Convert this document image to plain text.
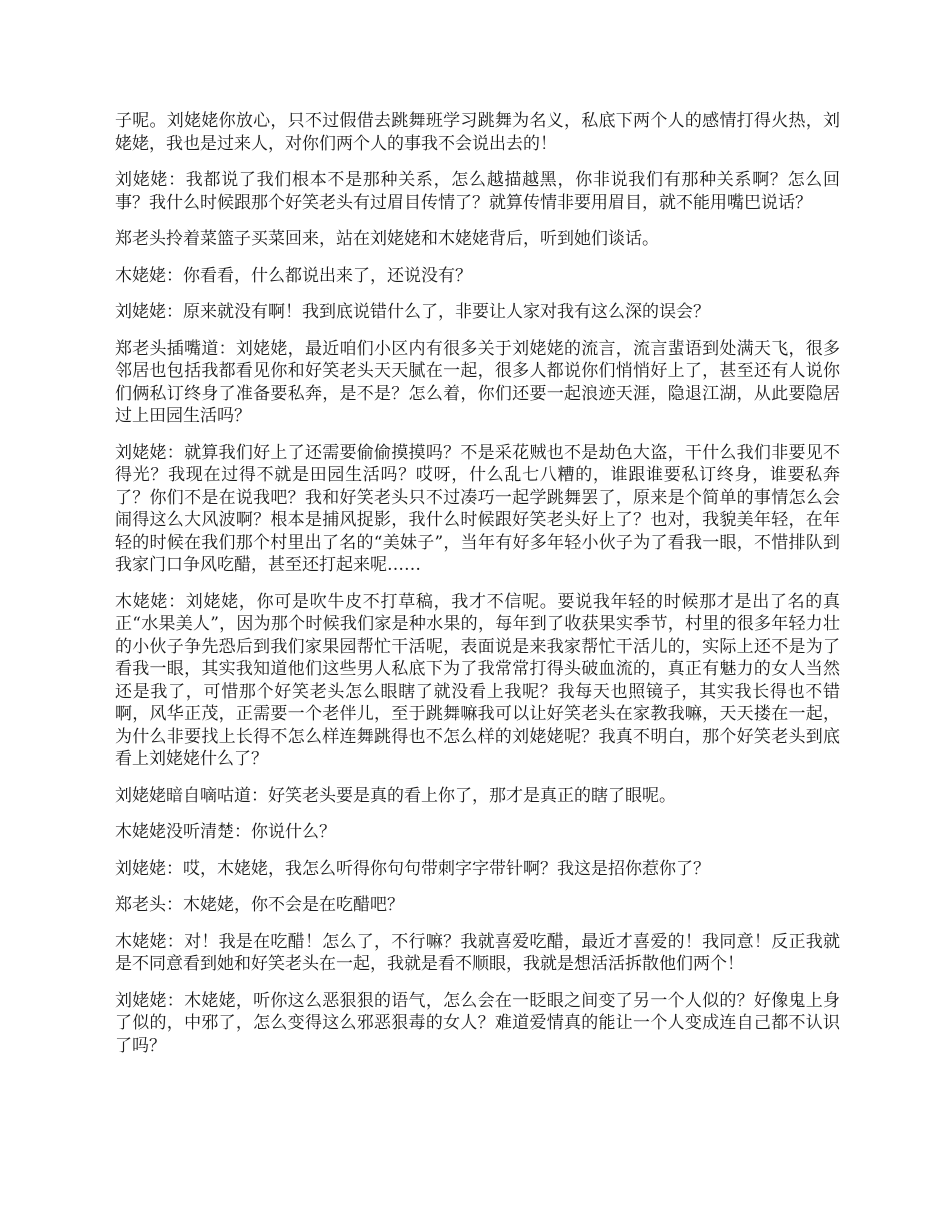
子呢。刘姥姥你放心，只不过假借去跳舞班学习跳舞为名义，私底下两个人的感情打得火热，刘姥姥，我也是过来人，对你们两个人的事我不会说出去的！

刘姥姥：我都说了我们根本不是那种关系，怎么越描越黑，你非说我们有那种关系啊？怎么回事？我什么时候跟那个好笑老头有过眉目传情了？就算传情非要用眉目，就不能用嘴巴说话？

郑老头拎着菜篮子买菜回来，站在刘姥姥和木姥姥背后，听到她们谈话。

木姥姥：你看看，什么都说出来了，还说没有？

刘姥姥：原来就没有啊！我到底说错什么了，非要让人家对我有这么深的误会？

郑老头插嘴道：刘姥姥，最近咱们小区内有很多关于刘姥姥的流言，流言蜚语到处满天飞，很多邻居也包括我都看见你和好笑老头天天腻在一起，很多人都说你们悄悄好上了，甚至还有人说你们俩私订终身了准备要私奔，是不是？怎么着，你们还要一起浪迹天涯，隐退江湖，从此要隐居过上田园生活吗？

刘姥姥：就算我们好上了还需要偷偷摸摸吗？不是采花贼也不是劫色大盗，干什么我们非要见不得光？我现在过得不就是田园生活吗？哎呀，什么乱七八糟的，谁跟谁要私订终身，谁要私奔了？你们不是在说我吧？我和好笑老头只不过凑巧一起学跳舞罢了，原来是个简单的事情怎么会闹得这么大风波啊？根本是捕风捉影，我什么时候跟好笑老头好上了？也对，我貌美年轻，在年轻的时候在我们那个村里出了名的“美妹子”，当年有好多年轻小伙子为了看我一眼，不惜排队到我家门口争风吃醋，甚至还打起来呢……

木姥姥：刘姥姥，你可是吹牛皮不打草稿，我才不信呢。要说我年轻的时候那才是出了名的真正“水果美人”，因为那个时候我们家是种水果的，每年到了收获果实季节，村里的很多年轻力壮的小伙子争先恐后到我们家果园帮忙干活呢，表面说是来我家帮忙干活儿的，实际上还不是为了看我一眼，其实我知道他们这些男人私底下为了我常常打得头破血流的，真正有魅力的女人当然还是我了，可惜那个好笑老头怎么眼瞎了就没看上我呢？我每天也照镜子，其实我长得也不错啊，风华正茂，正需要一个老伴儿，至于跳舞嘛我可以让好笑老头在家教我嘛，天天搂在一起，为什么非要找上长得不怎么样连舞跳得也不怎么样的刘姥姥呢？我真不明白，那个好笑老头到底看上刘姥姥什么了？

刘姥姥暗自嘀咕道：好笑老头要是真的看上你了，那才是真正的瞎了眼呢。

木姥姥没听清楚：你说什么？

刘姥姥：哎，木姥姥，我怎么听得你句句带刺字字带针啊？我这是招你惹你了？

郑老头：木姥姥，你不会是在吃醋吧？

木姥姥：对！我是在吃醋！怎么了，不行嘛？我就喜爱吃醋，最近才喜爱的！我同意！反正我就是不同意看到她和好笑老头在一起，我就是看不顺眼，我就是想活活拆散他们两个！

刘姥姥：木姥姥，听你这么恶狠狠的语气，怎么会在一眨眼之间变了另一个人似的？好像鬼上身了似的，中邪了，怎么变得这么邪恶狠毒的女人？难道爱情真的能让一个人变成连自己都不认识了吗？
